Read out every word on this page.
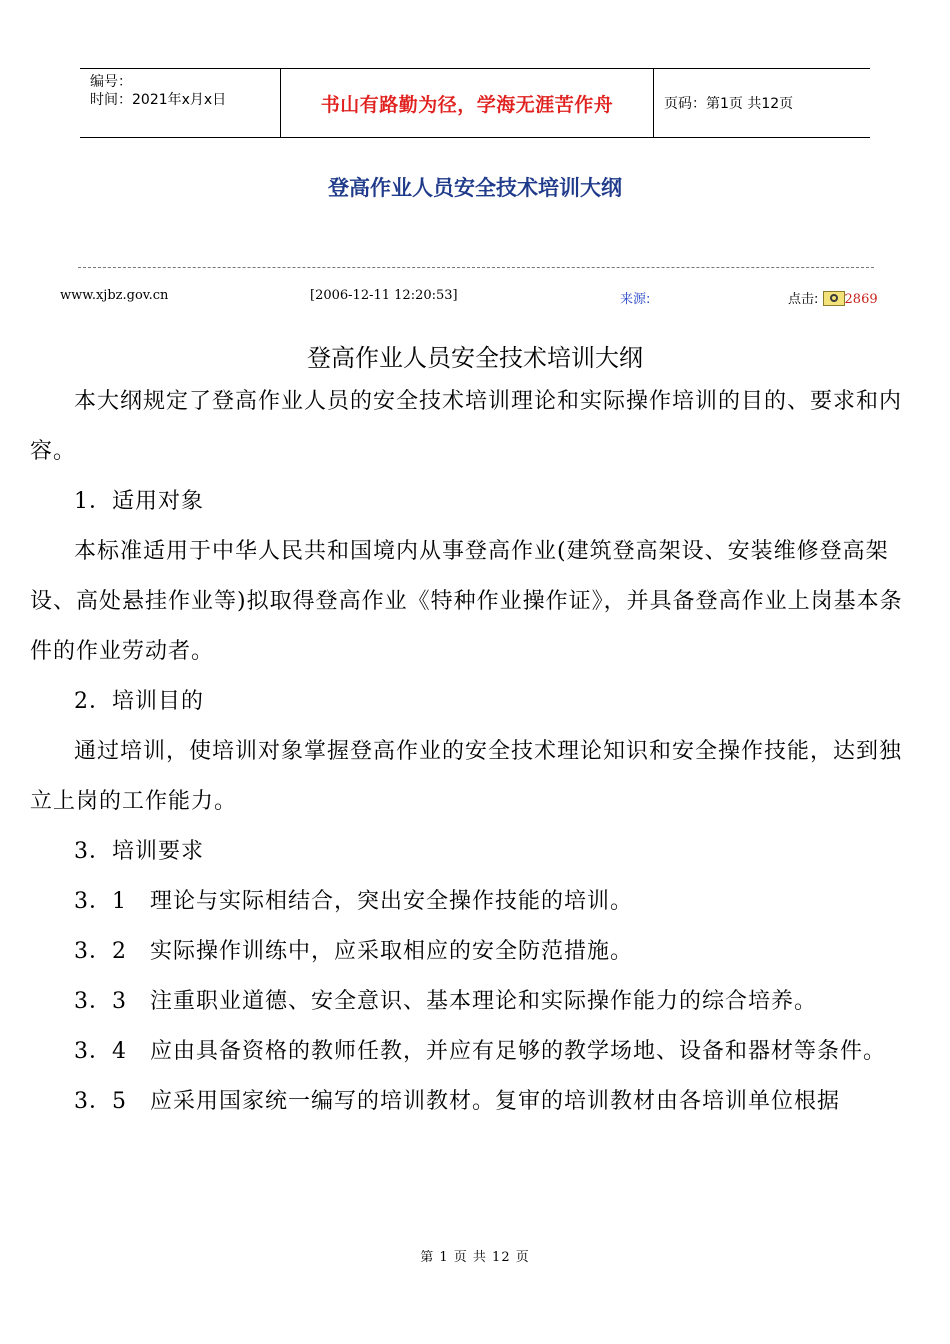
编号：
时间：2021年x月x日	书山有路勤为径，学海无涯苦作舟	页码：第1页 共12页
登高作业人员安全技术培训大纲
www.xjbz.gov.cn	[2006-12-11 12:20:53]	来源:	点击: 2869
登高作业人员安全技术培训大纲

本大纲规定了登高作业人员的安全技术培训理论和实际操作培训的目的、要求和内容。

1．适用对象

本标准适用于中华人民共和国境内从事登高作业(建筑登高架设、安装维修登高架设、高处悬挂作业等)拟取得登高作业《特种作业操作证》，并具备登高作业上岗基本条件的作业劳动者。

2．培训目的

通过培训，使培训对象掌握登高作业的安全技术理论知识和安全操作技能，达到独立上岗的工作能力。

3．培训要求

3．1　理论与实际相结合，突出安全操作技能的培训。

3．2　实际操作训练中，应采取相应的安全防范措施。

3．3　注重职业道德、安全意识、基本理论和实际操作能力的综合培养。

3．4　应由具备资格的教师任教，并应有足够的教学场地、设备和器材等条件。

3．5　应采用国家统一编写的培训教材。复审的培训教材由各培训单位根据

第 1 页 共 12 页
